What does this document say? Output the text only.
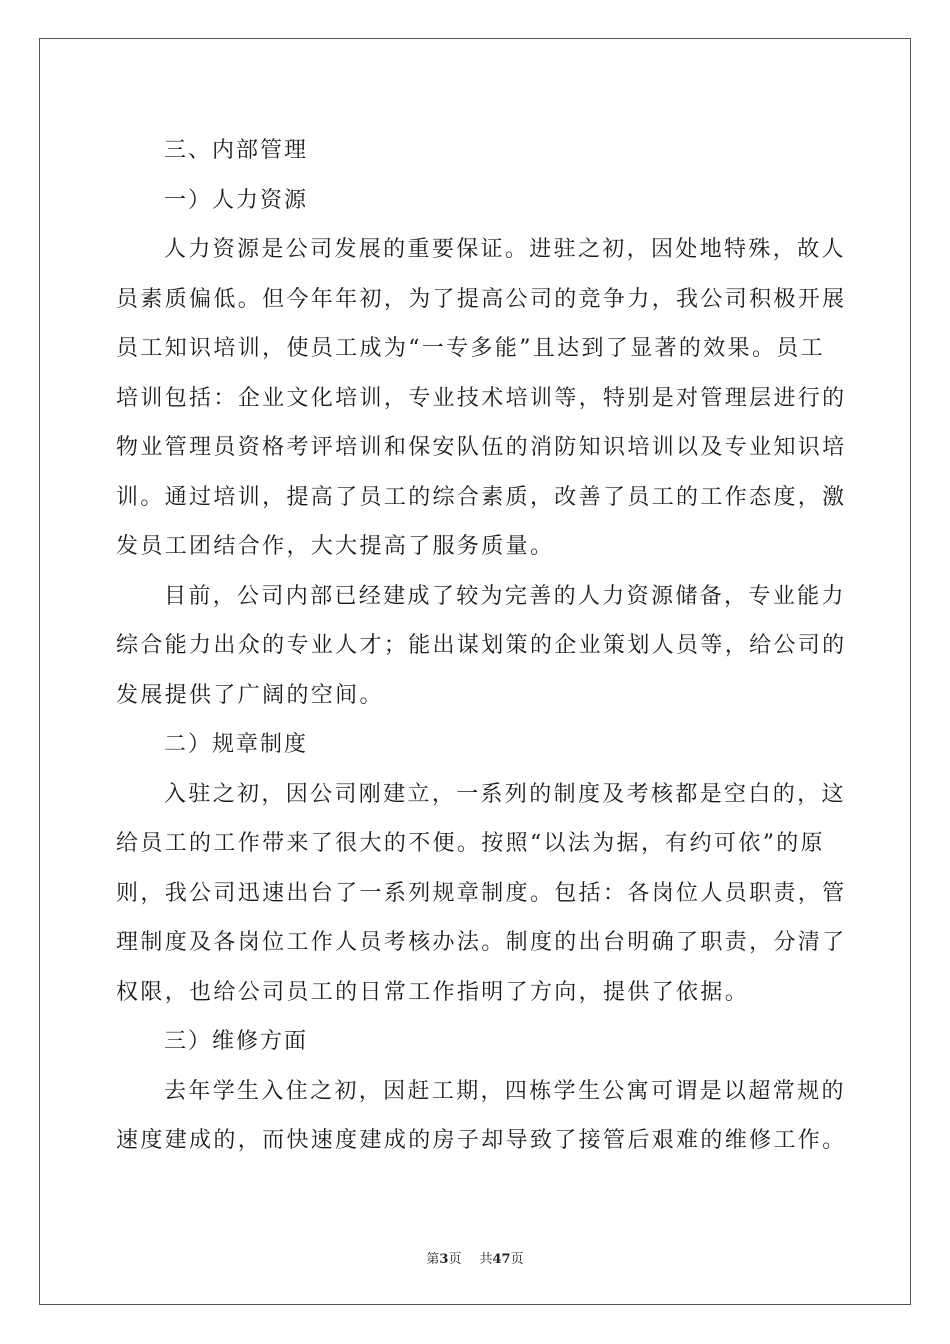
三、内部管理
一）人力资源
人力资源是公司发展的重要保证。进驻之初，因处地特殊，故人
员素质偏低。但今年年初，为了提高公司的竞争力，我公司积极开展
员工知识培训，使员工成为“一专多能”且达到了显著的效果。员工
培训包括：企业文化培训，专业技术培训等，特别是对管理层进行的
物业管理员资格考评培训和保安队伍的消防知识培训以及专业知识培
训。通过培训，提高了员工的综合素质，改善了员工的工作态度，激
发员工团结合作，大大提高了服务质量。
目前，公司内部已经建成了较为完善的人力资源储备，专业能力
综合能力出众的专业人才；能出谋划策的企业策划人员等，给公司的
发展提供了广阔的空间。
二）规章制度
入驻之初，因公司刚建立，一系列的制度及考核都是空白的，这
给员工的工作带来了很大的不便。按照“以法为据，有约可依”的原
则，我公司迅速出台了一系列规章制度。包括：各岗位人员职责，管
理制度及各岗位工作人员考核办法。制度的出台明确了职责，分清了
权限，也给公司员工的日常工作指明了方向，提供了依据。
三）维修方面
去年学生入住之初，因赶工期，四栋学生公寓可谓是以超常规的
速度建成的，而快速度建成的房子却导致了接管后艰难的维修工作。
第3页 共47页
